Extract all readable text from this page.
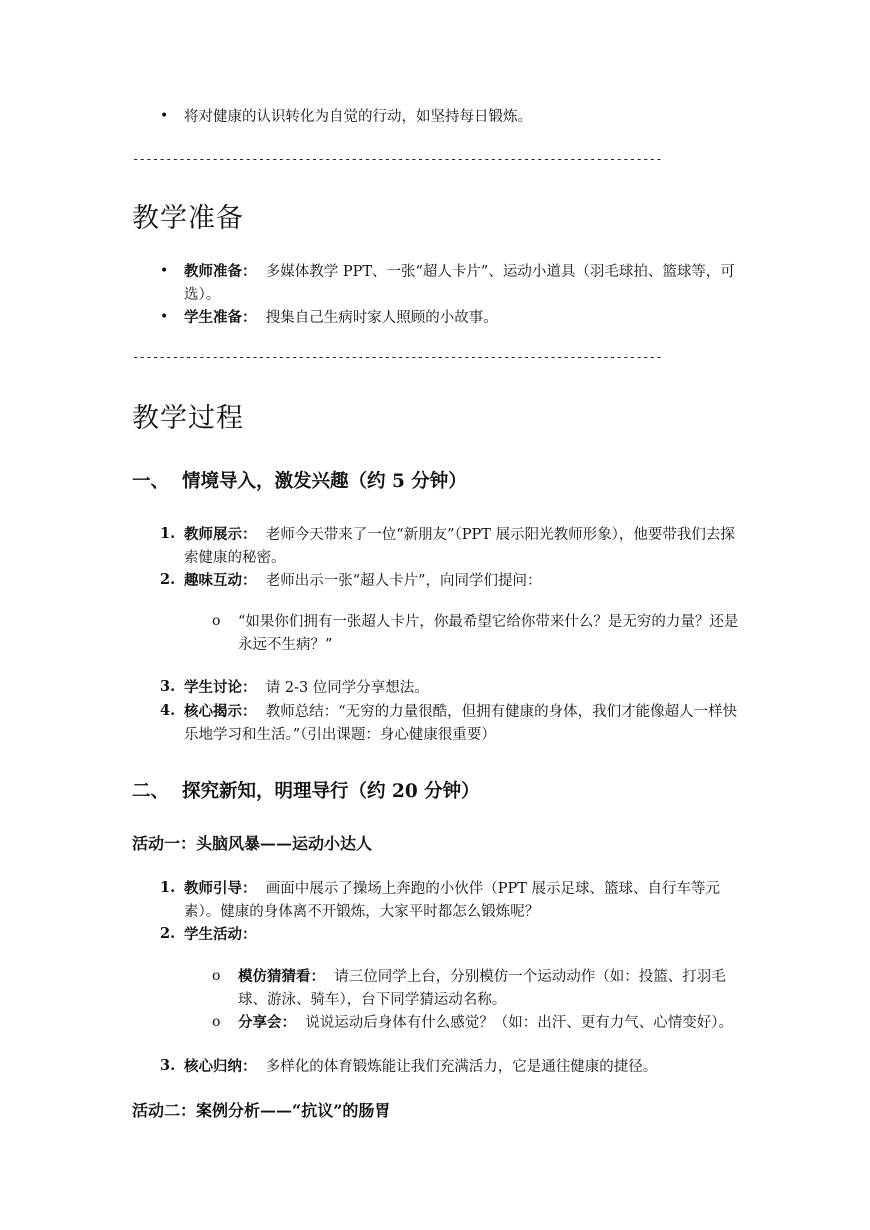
• 将对健康的认识转化为自觉的行动，如坚持每日锻炼。
--------------------------------------------------------------------------------
教学准备
• 教师准备： 多媒体教学 PPT、一张“超人卡片”、运动小道具（羽毛球拍、篮球等，可选）。
• 学生准备： 搜集自己生病时家人照顾的小故事。
--------------------------------------------------------------------------------
教学过程
一、 情境导入，激发兴趣（约 5 分钟）
1. 教师展示： 老师今天带来了一位“新朋友”（PPT 展示阳光教师形象），他要带我们去探索健康的秘密。
2. 趣味互动： 老师出示一张“超人卡片”，向同学们提问：
o “如果你们拥有一张超人卡片，你最希望它给你带来什么？是无穷的力量？还是永远不生病？”
3. 学生讨论： 请 2-3 位同学分享想法。
4. 核心揭示： 教师总结：“无穷的力量很酷，但拥有健康的身体，我们才能像超人一样快乐地学习和生活。”（引出课题：身心健康很重要）
二、 探究新知，明理导行（约 20 分钟）
活动一：头脑风暴——运动小达人
1. 教师引导： 画面中展示了操场上奔跑的小伙伴（PPT 展示足球、篮球、自行车等元素）。健康的身体离不开锻炼，大家平时都怎么锻炼呢？
2. 学生活动：
o 模仿猜猜看： 请三位同学上台，分别模仿一个运动动作（如：投篮、打羽毛球、游泳、骑车），台下同学猜运动名称。
o 分享会： 说说运动后身体有什么感觉？（如：出汗、更有力气、心情变好）。
3. 核心归纳： 多样化的体育锻炼能让我们充满活力，它是通往健康的捷径。
活动二：案例分析——“抗议”的肠胃
